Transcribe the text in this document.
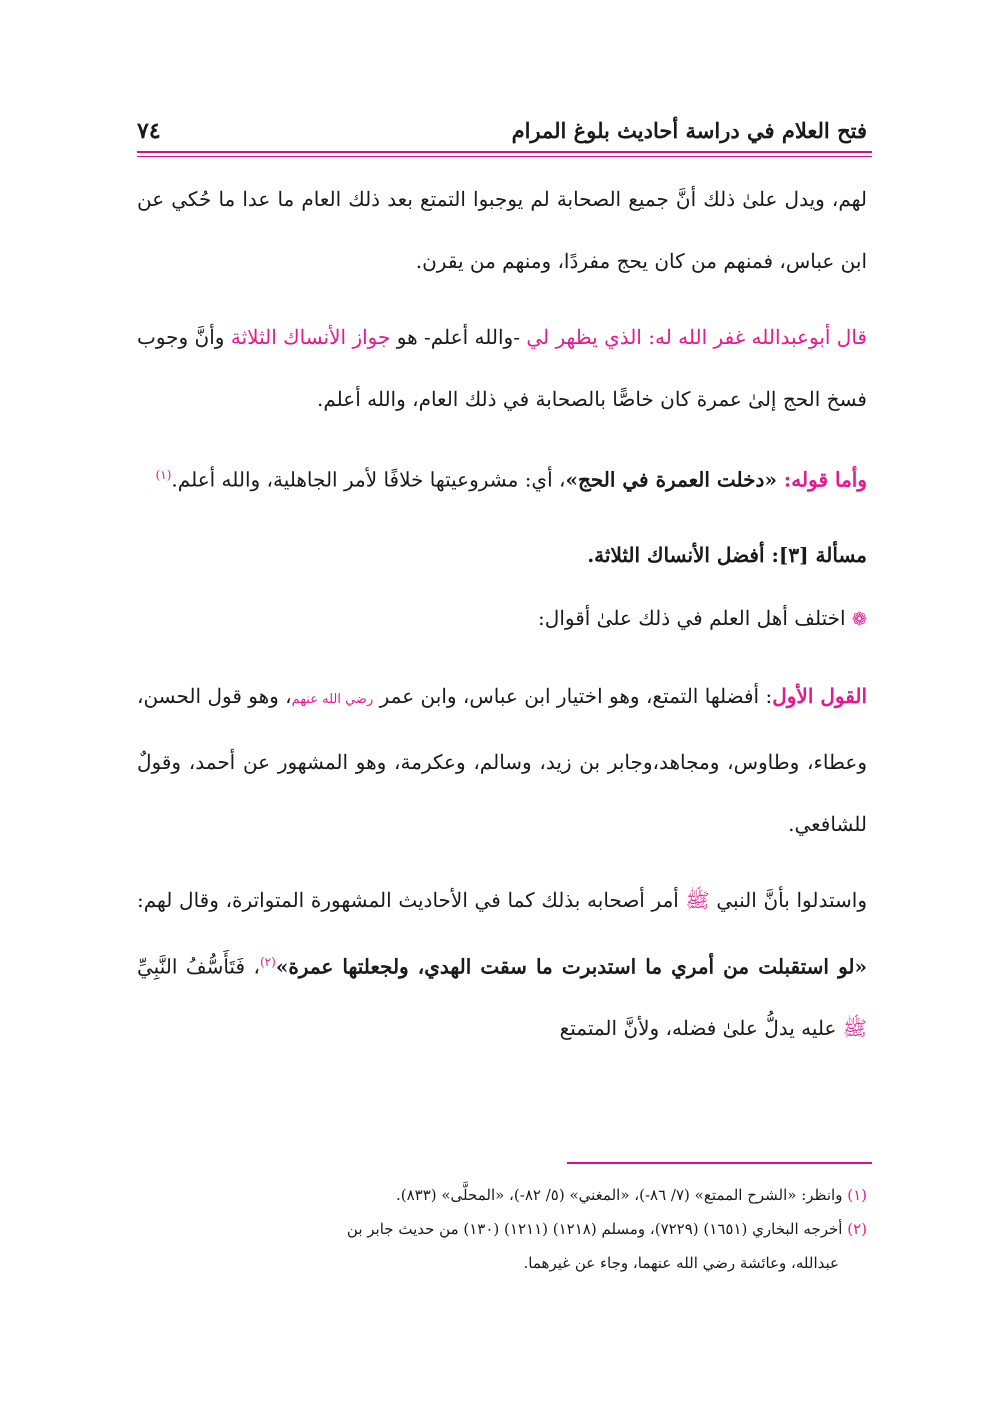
فتح العلام في دراسة أحاديث بلوغ المرام
٧٤

لهم، ويدل علىٰ ذلك أنَّ جميع الصحابة لم يوجبوا التمتع بعد ذلك العام ما عدا ما حُكي عن ابن عباس، فمنهم من كان يحج مفردًا، ومنهم من يقرن.

قال أبوعبدالله غفر الله له: الذي يظهر لي -والله أعلم- هو جواز الأنساك الثلاثة وأنَّ وجوب فسخ الحج إلىٰ عمرة كان خاصًّا بالصحابة في ذلك العام، والله أعلم.

وأما قوله: «دخلت العمرة في الحج»، أي: مشروعيتها خلافًا لأمر الجاهلية، والله أعلم.$^{(١)}$

مسألة [٣]: أفضل الأنساك الثلاثة.

❁ اختلف أهل العلم في ذلك علىٰ أقوال:

القول الأول: أفضلها التمتع، وهو اختيار ابن عباس، وابن عمر رضي الله عنهم، وهو قول الحسن، وعطاء، وطاوس، ومجاهد،وجابر بن زيد، وسالم، وعكرمة، وهو المشهور عن أحمد، وقولٌ للشافعي.

واستدلوا بأنَّ النبي ﷺ أمر أصحابه بذلك كما في الأحاديث المشهورة المتواترة، وقال لهم: «لو استقبلت من أمري ما استدبرت ما سقت الهدي، ولجعلتها عمرة»$^{(٢)}$، فَتَأَسُّفُ النَّبِيِّ ﷺ عليه يدلُّ علىٰ فضله، ولأنَّ المتمتع

(١) وانظر: «الشرح الممتع» (٧/ ٨٦-)، «المغني» (٥/ ٨٢-)، «المحلَّى» (٨٣٣).

(٢) أخرجه البخاري (١٦٥١) (٧٢٢٩)، ومسلم (١٢١٨) (١٢١١) (١٣٠) من حديث جابر بن

عبدالله، وعائشة رضي الله عنهما، وجاء عن غيرهما.
